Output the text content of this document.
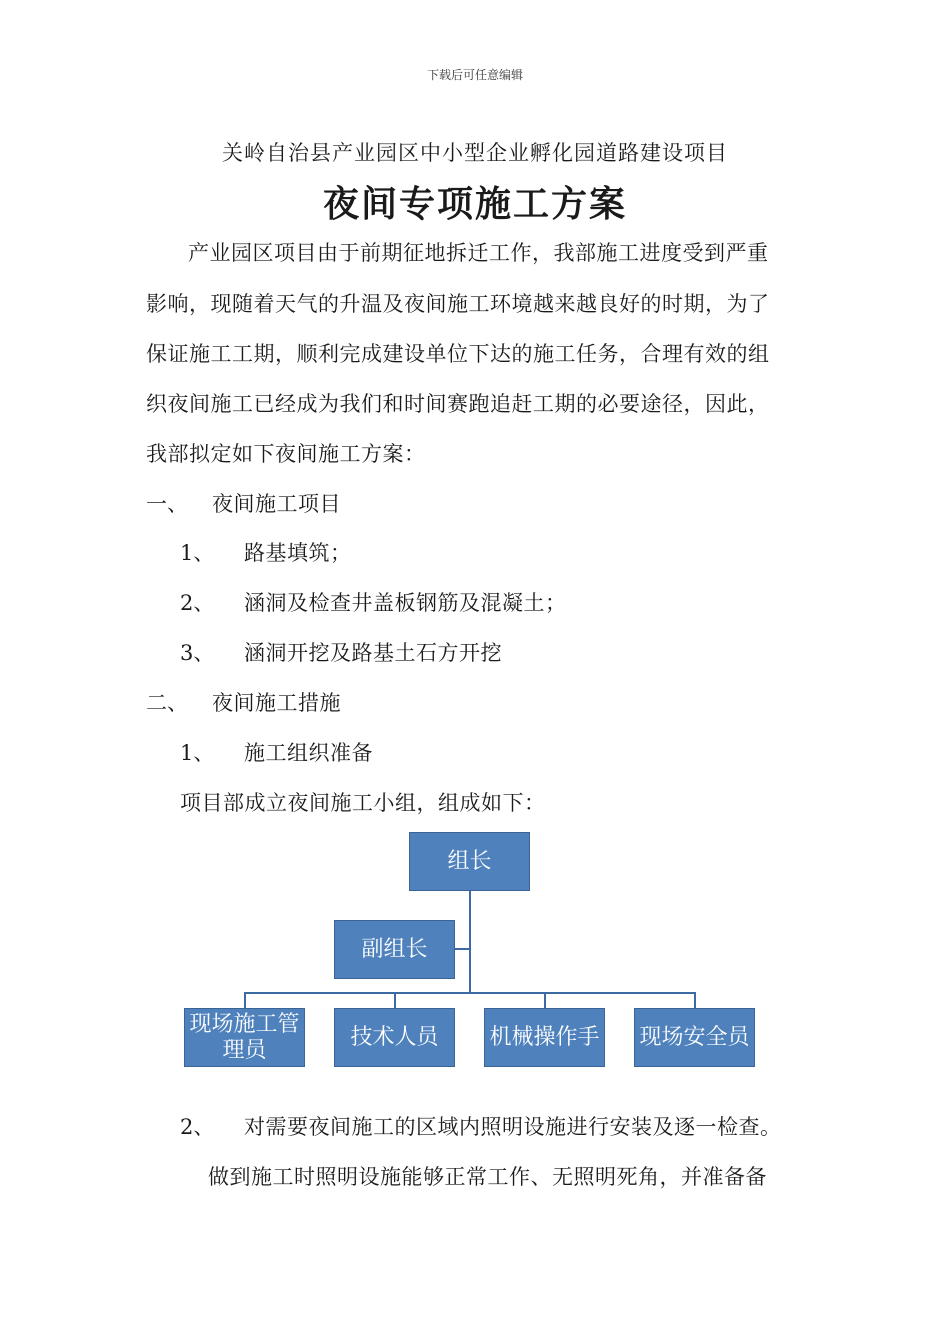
下载后可任意编辑
关岭自治县产业园区中小型企业孵化园道路建设项目
夜间专项施工方案
产业园区项目由于前期征地拆迁工作，我部施工进度受到严重
影响，现随着天气的升温及夜间施工环境越来越良好的时期，为了
保证施工工期，顺利完成建设单位下达的施工任务，合理有效的组
织夜间施工已经成为我们和时间赛跑追赶工期的必要途径，因此，
我部拟定如下夜间施工方案：
一、 夜间施工项目
1、 路基填筑；
2、 涵洞及检查井盖板钢筋及混凝土；
3、 涵洞开挖及路基土石方开挖
二、 夜间施工措施
1、 施工组织准备
项目部成立夜间施工小组，组成如下：
组长
副组长
现场施工管理员
技术人员	机械操作手 现场安全员
2、 对需要夜间施工的区域内照明设施进行安装及逐一检查。
做到施工时照明设施能够正常工作、无照明死角，并准备备
